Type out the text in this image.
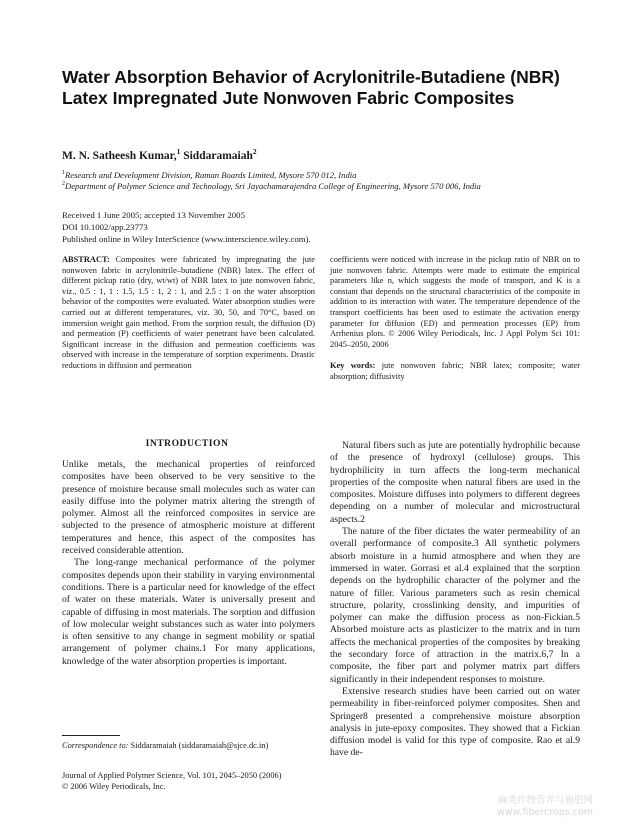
Water Absorption Behavior of Acrylonitrile-Butadiene (NBR) Latex Impregnated Jute Nonwoven Fabric Composites
M. N. Satheesh Kumar,$^1$ Siddaramaiah$^2$
$^1$Research and Development Division, Raman Boards Limited, Mysore 570 012, India
$^2$Department of Polymer Science and Technology, Sri Jayachamarajendra College of Engineering, Mysore 570 006, India
Received 1 June 2005; accepted 13 November 2005
DOI 10.1002/app.23773
Published online in Wiley InterScience (www.interscience.wiley.com).
ABSTRACT: Composites were fabricated by impregnating the jute nonwoven fabric in acrylonitrile–butadiene (NBR) latex. The effect of different pickup ratio (dry, wt/wt) of NBR latex to jute nonwoven fabric, viz., 0.5 : 1, 1 : 1.5, 1.5 : 1, 2 : 1, and 2.5 : 1 on the water absorption behavior of the composites were evaluated. Water absorption studies were carried out at different temperatures, viz. 30, 50, and 70°C, based on immersion weight gain method. From the sorption result, the diffusion (D) and permeation (P) coefficients of water penetrant have been calculated. Significant increase in the diffusion and permeation coefficients was observed with increase in the temperature of sorption experiments. Drastic reductions in diffusion and permeation
coefficients were noticed with increase in the pickup ratio of NBR on to jute nonwoven fabric. Attempts were made to estimate the empirical parameters like n, which suggests the mode of transport, and K is a constant that depends on the structural characteristics of the composite in addition to its interaction with water. The temperature dependence of the transport coefficients has been used to estimate the activation energy parameter for diffusion (ED) and permeation processes (EP) from Arrhenius plots. © 2006 Wiley Periodicals, Inc. J Appl Polym Sci 101: 2045–2050, 2006
Key words: jute nonwoven fabric; NBR latex; composite; water absorption; diffusivity
INTRODUCTION

Unlike metals, the mechanical properties of reinforced composites have been observed to be very sensitive to the presence of moisture because small molecules such as water can easily diffuse into the polymer matrix altering the strength of polymer. Almost all the reinforced composites in service are subjected to the presence of atmospheric moisture at different temperatures and hence, this aspect of the composites has received considerable attention.

The long-range mechanical performance of the polymer composites depends upon their stability in varying environmental conditions. There is a particular need for knowledge of the effect of water on these materials. Water is universally present and capable of diffusing in most materials. The sorption and diffusion of low molecular weight substances such as water into polymers is often sensitive to any change in segment mobility or spatial arrangement of polymer chains.1 For many applications, knowledge of the water absorption properties is important.

Natural fibers such as jute are potentially hydrophilic because of the presence of hydroxyl (cellulose) groups. This hydrophilicity in turn affects the long-term mechanical properties of the composite when natural fibers are used in the composites. Moisture diffuses into polymers to different degrees depending on a number of molecular and microstructural aspects.2

The nature of the fiber dictates the water permeability of an overall performance of composite.3 All synthetic polymers absorb moisture in a humid atmosphere and when they are immersed in water. Gorrasi et al.4 explained that the sorption depends on the hydrophilic character of the polymer and the nature of filler. Various parameters such as resin chemical structure, polarity, crosslinking density, and impurities of polymer can make the diffusion process as non-Fickian.5 Absorbed moisture acts as plasticizer to the matrix and in turn affects the mechanical properties of the composites by breaking the secondary force of attraction in the matrix.6,7 In a composite, the fiber part and polymer matrix part differs significantly in their independent responses to moisture.

Extensive research studies have been carried out on water permeability in fiber-reinforced polymer composites. Shen and Springer8 presented a comprehensive moisture absorption analysis in jute-epoxy composites. They showed that a Fickian diffusion model is valid for this type of composite. Rao et al.9 have de-

Correspondence to: Siddaramaiah (siddaramaiah@sjce.dc.in)
Journal of Applied Polymer Science, Vol. 101, 2045–2050 (2006)
© 2006 Wiley Periodicals, Inc.
麻类作物营养与施肥网
www.fibercrops.com
